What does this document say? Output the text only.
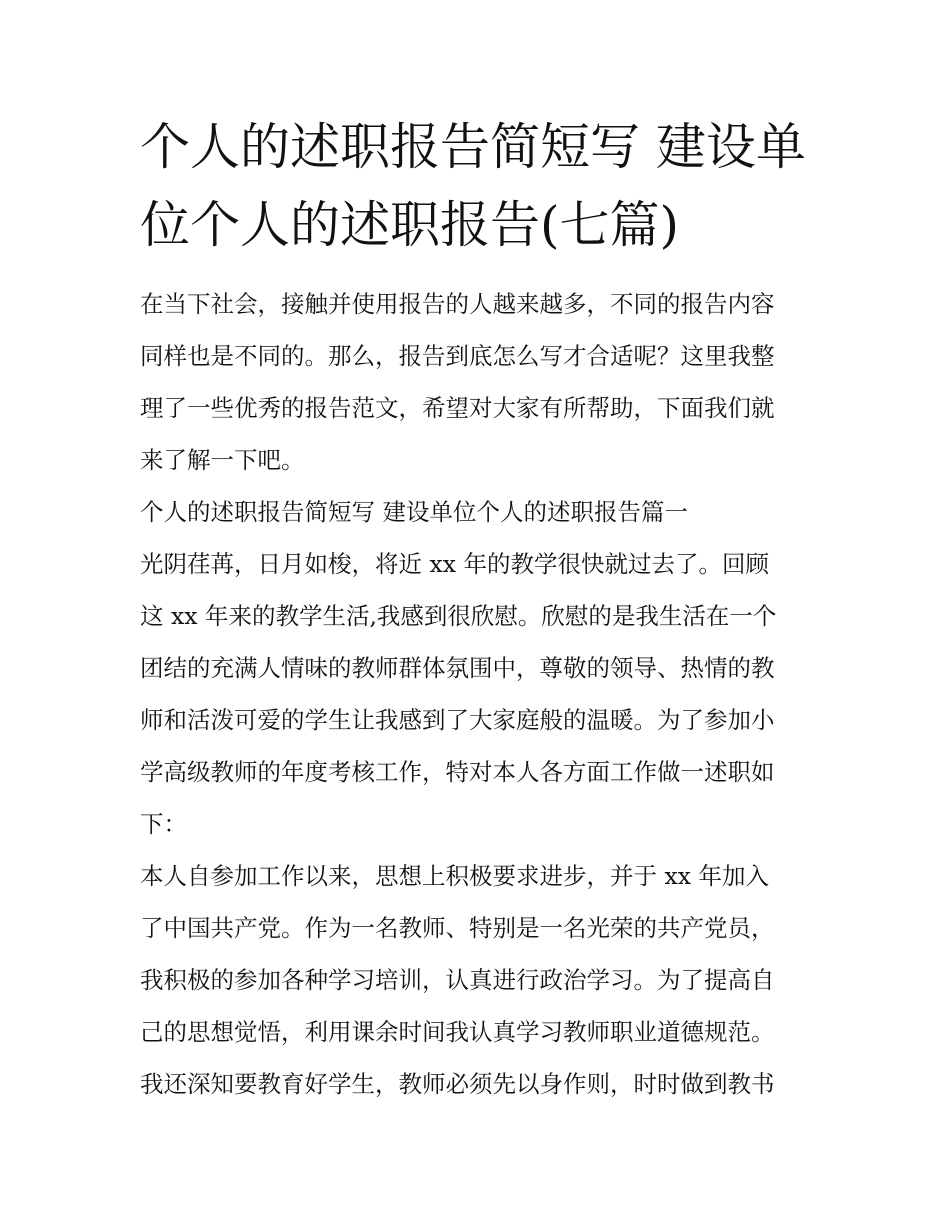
个人的述职报告简短写 建设单
位个人的述职报告(七篇)
在当下社会，接触并使用报告的人越来越多，不同的报告内容
同样也是不同的。那么，报告到底怎么写才合适呢？这里我整
理了一些优秀的报告范文，希望对大家有所帮助，下面我们就
来了解一下吧。
个人的述职报告简短写 建设单位个人的述职报告篇一
光阴荏苒，日月如梭，将近 xx 年的教学很快就过去了。回顾
这 xx 年来的教学生活,我感到很欣慰。欣慰的是我生活在一个
团结的充满人情味的教师群体氛围中，尊敬的领导、热情的教
师和活泼可爱的学生让我感到了大家庭般的温暖。为了参加小
学高级教师的年度考核工作，特对本人各方面工作做一述职如
下：
本人自参加工作以来，思想上积极要求进步，并于 xx 年加入
了中国共产党。作为一名教师、特别是一名光荣的共产党员，
我积极的参加各种学习培训，认真进行政治学习。为了提高自
己的思想觉悟，利用课余时间我认真学习教师职业道德规范。
我还深知要教育好学生，教师必须先以身作则，时时做到教书
